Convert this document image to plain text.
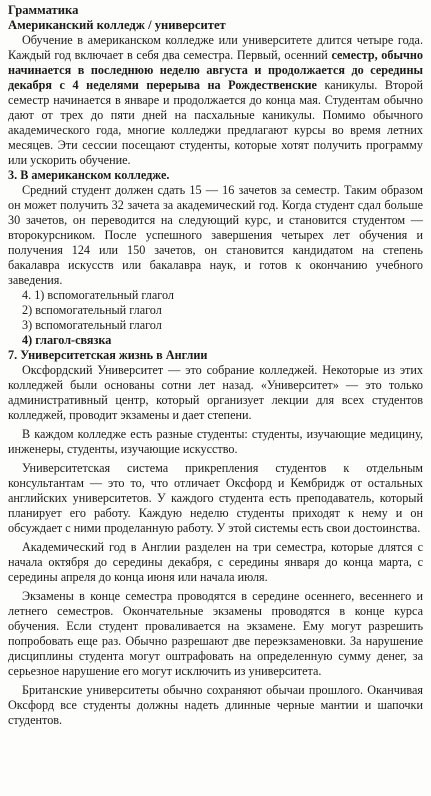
Грамматика

Американский колледж / университет

Обучение в американском колледже или университете длится четыре года. Каждый год включает в себя два семестра. Первый, осенний семестр, обычно начинается в последнюю неделю августа и продолжается до середины декабря с 4 неделями перерыва на Рождественские каникулы. Второй семестр начинается в январе и продолжается до конца мая. Студентам обычно дают от трех до пяти дней на пасхальные каникулы. Помимо обычного академического года, многие колледжи предлагают курсы во время летних месяцев. Эти сессии посещают студенты, которые хотят получить программу или ускорить обучение.

3. В американском колледже.

Средний студент должен сдать 15 — 16 зачетов за семестр. Таким образом он может получить 32 зачета за академический год. Когда студент сдал больше 30 зачетов, он переводится на следующий курс, и становится студентом — второкурсником. После успешного завершения четырех лет обучения и получения 124 или 150 зачетов, он становится кандидатом на степень бакалавра искусств или бакалавра наук, и готов к окончанию учебного заведения.

4. 1) вспомогательный глагол

2) вспомогательный глагол

3) вспомогательный глагол

4) глагол-связка

7. Университетская жизнь в Англии

Оксфордский Университет — это собрание колледжей. Некоторые из этих колледжей были основаны сотни лет назад. «Университет» — это только административный центр, который организует лекции для всех студентов колледжей, проводит экзамены и дает степени.

В каждом колледже есть разные студенты: студенты, изучающие медицину, инженеры, студенты, изучающие искусство.

Университетская система прикрепления студентов к отдельным консультантам — это то, что отличает Оксфорд и Кембридж от остальных английских университетов. У каждого студента есть преподаватель, который планирует его работу. Каждую неделю студенты приходят к нему и он обсуждает с ними проделанную работу. У этой системы есть свои достоинства.

Академический год в Англии разделен на три семестра, которые длятся с начала октября до середины декабря, с середины января до конца марта, с середины апреля до конца июня или начала июля.

Экзамены в конце семестра проводятся в середине осеннего, весеннего и летнего семестров. Окончательные экзамены проводятся в конце курса обучения. Если студент проваливается на экзамене. Ему могут разрешить попробовать еще раз. Обычно разрешают две переэкзаменовки. За нарушение дисциплины студента могут оштрафовать на определенную сумму денег, за серьезное нарушение его могут исключить из университета.

Британские университеты обычно сохраняют обычаи прошлого. Оканчивая Оксфорд все студенты должны надеть длинные черные мантии и шапочки студентов.
